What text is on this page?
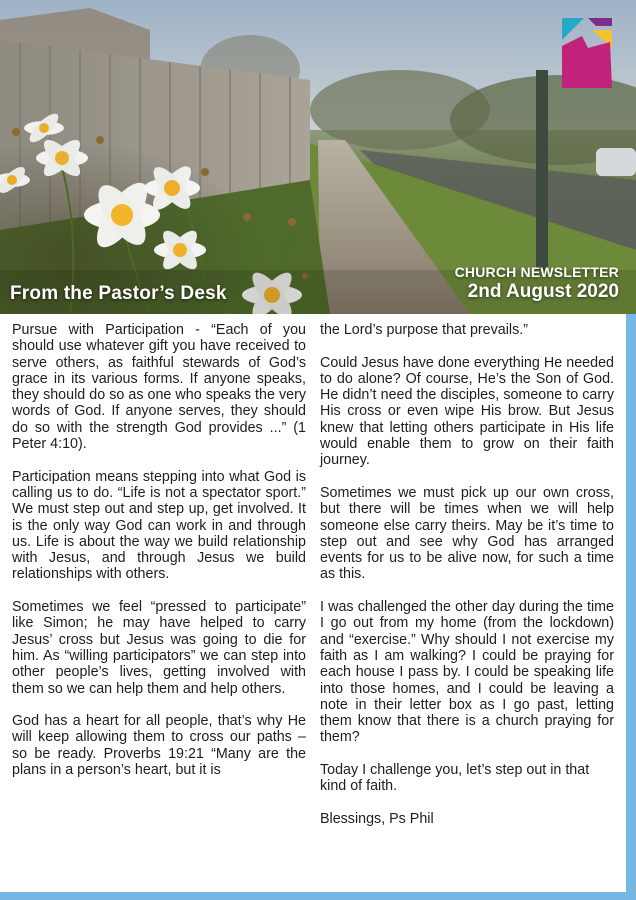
From the Pastor’s Desk
CHURCH NEWSLETTER
2nd August 2020

Pursue with Participation - “Each of you should use whatever gift you have received to serve others, as faithful stewards of God’s grace in its various forms. If anyone speaks, they should do so as one who speaks the very words of God. If anyone serves, they should do so with the strength God provides ...” (1 Peter 4:10).

Participation means stepping into what God is calling us to do. “Life is not a spectator sport.” We must step out and step up, get involved. It is the only way God can work in and through us. Life is about the way we build relationship with Jesus, and through Jesus we build relationships with others.

Sometimes we feel “pressed to participate” like Simon; he may have helped to carry Jesus’ cross but Jesus was going to die for him. As “willing participators” we can step into other people’s lives, getting involved with them so we can help them and help others.

God has a heart for all people, that’s why He will keep allowing them to cross our paths – so be ready. Proverbs 19:21 “Many are the plans in a person’s heart, but it is

the Lord’s purpose that prevails.”

Could Jesus have done everything He needed to do alone? Of course, He’s the Son of God. He didn’t need the disciples, someone to carry His cross or even wipe His brow. But Jesus knew that letting others participate in His life would enable them to grow on their faith journey.

Sometimes we must pick up our own cross, but there will be times when we will help someone else carry theirs. May be it’s time to step out and see why God has arranged events for us to be alive now, for such a time as this.

I was challenged the other day during the time I go out from my home (from the lockdown) and “exercise.” Why should I not exercise my faith as I am walking? I could be praying for each house I pass by. I could be speaking life into those homes, and I could be leaving a note in their letter box as I go past, letting them know that there is a church praying for them?

Today I challenge you, let’s step out in that kind of faith.

Blessings, Ps Phil
